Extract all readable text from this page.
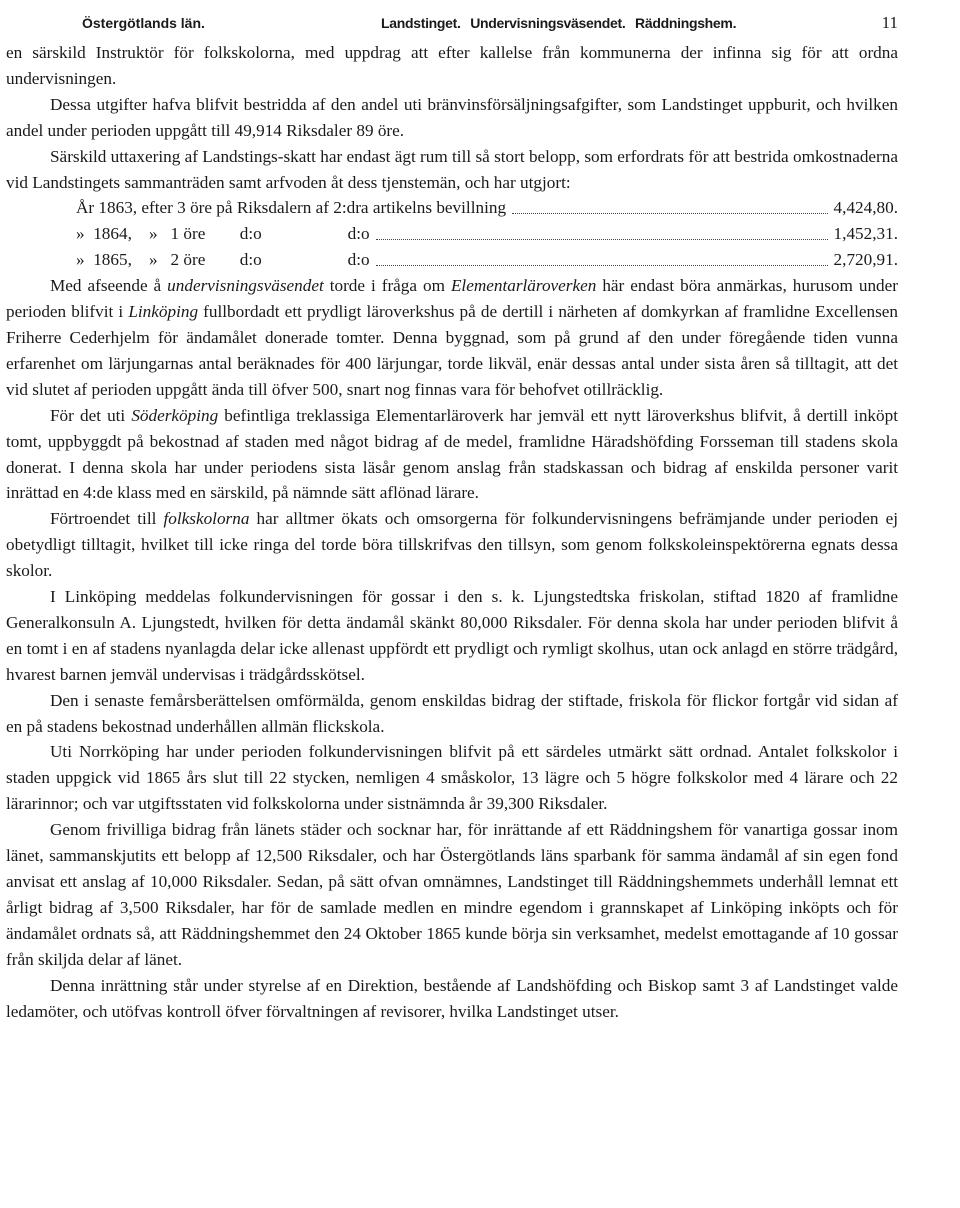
Östergötlands län.	Landstinget. Undervisningsväsendet. Räddningshem.	11

en särskild Instruktör för folkskolorna, med uppdrag att efter kallelse från kommunerna der infinna sig för att ordna undervisningen.

Dessa utgifter hafva blifvit bestridda af den andel uti bränvinsförsäljningsafgifter, som Landstinget uppburit, och hvilken andel under perioden uppgått till 49,914 Riksdaler 89 öre.

Särskild uttaxering af Landstings-skatt har endast ägt rum till så stort belopp, som erfordrats för att bestrida omkostnaderna vid Landstingets sammanträden samt arfvoden åt dess tjenstemän, och har utgjort:

År 1863, efter 3 öre på Riksdalern af 2:dra artikelns bevillning	4,424,80.

»  1864,    »   1 öre        d:o                    d:o	1,452,31.

»  1865,    »   2 öre        d:o                    d:o	2,720,91.

Med afseende å undervisningsväsendet torde i fråga om Elementarläroverken här endast böra anmärkas, hurusom under perioden blifvit i Linköping fullbordadt ett prydligt läroverkshus på de dertill i närheten af domkyrkan af framlidne Excellensen Friherre Cederhjelm för ändamålet donerade tomter. Denna byggnad, som på grund af den under föregående tiden vunna erfarenhet om lärjungarnas antal beräknades för 400 lärjungar, torde likväl, enär dessas antal under sista åren så tilltagit, att det vid slutet af perioden uppgått ända till öfver 500, snart nog finnas vara för behofvet otillräcklig.

För det uti Söderköping befintliga treklassiga Elementarläroverk har jemväl ett nytt läroverkshus blifvit, å dertill inköpt tomt, uppbyggdt på bekostnad af staden med något bidrag af de medel, framlidne Häradshöfding Forsseman till stadens skola donerat. I denna skola har under periodens sista läsår genom anslag från stadskassan och bidrag af enskilda personer varit inrättad en 4:de klass med en särskild, på nämnde sätt aflönad lärare.

Förtroendet till folkskolorna har alltmer ökats och omsorgerna för folkundervisningens befrämjande under perioden ej obetydligt tilltagit, hvilket till icke ringa del torde böra tillskrifvas den tillsyn, som genom folkskoleinspektörerna egnats dessa skolor.

I Linköping meddelas folkundervisningen för gossar i den s. k. Ljungstedtska friskolan, stiftad 1820 af framlidne Generalkonsuln A. Ljungstedt, hvilken för detta ändamål skänkt 80,000 Riksdaler. För denna skola har under perioden blifvit å en tomt i en af stadens nyanlagda delar icke allenast uppfördt ett prydligt och rymligt skolhus, utan ock anlagd en större trädgård, hvarest barnen jemväl undervisas i trädgårdsskötsel.

Den i senaste femårsberättelsen omförmälda, genom enskildas bidrag der stiftade, friskola för flickor fortgår vid sidan af en på stadens bekostnad underhållen allmän flickskola.

Uti Norrköping har under perioden folkundervisningen blifvit på ett särdeles utmärkt sätt ordnad. Antalet folkskolor i staden uppgick vid 1865 års slut till 22 stycken, nemligen 4 småskolor, 13 lägre och 5 högre folkskolor med 4 lärare och 22 lärarinnor; och var utgiftsstaten vid folkskolorna under sistnämnda år 39,300 Riksdaler.

Genom frivilliga bidrag från länets städer och socknar har, för inrättande af ett Räddningshem för vanartiga gossar inom länet, sammanskjutits ett belopp af 12,500 Riksdaler, och har Östergötlands läns sparbank för samma ändamål af sin egen fond anvisat ett anslag af 10,000 Riksdaler. Sedan, på sätt ofvan omnämnes, Landstinget till Räddningshemmets underhåll lemnat ett årligt bidrag af 3,500 Riksdaler, har för de samlade medlen en mindre egendom i grannskapet af Linköping inköpts och för ändamålet ordnats så, att Räddningshemmet den 24 Oktober 1865 kunde börja sin verksamhet, medelst emottagande af 10 gossar från skiljda delar af länet.

Denna inrättning står under styrelse af en Direktion, bestående af Landshöfding och Biskop samt 3 af Landstinget valde ledamöter, och utöfvas kontroll öfver förvaltningen af revisorer, hvilka Landstinget utser.
